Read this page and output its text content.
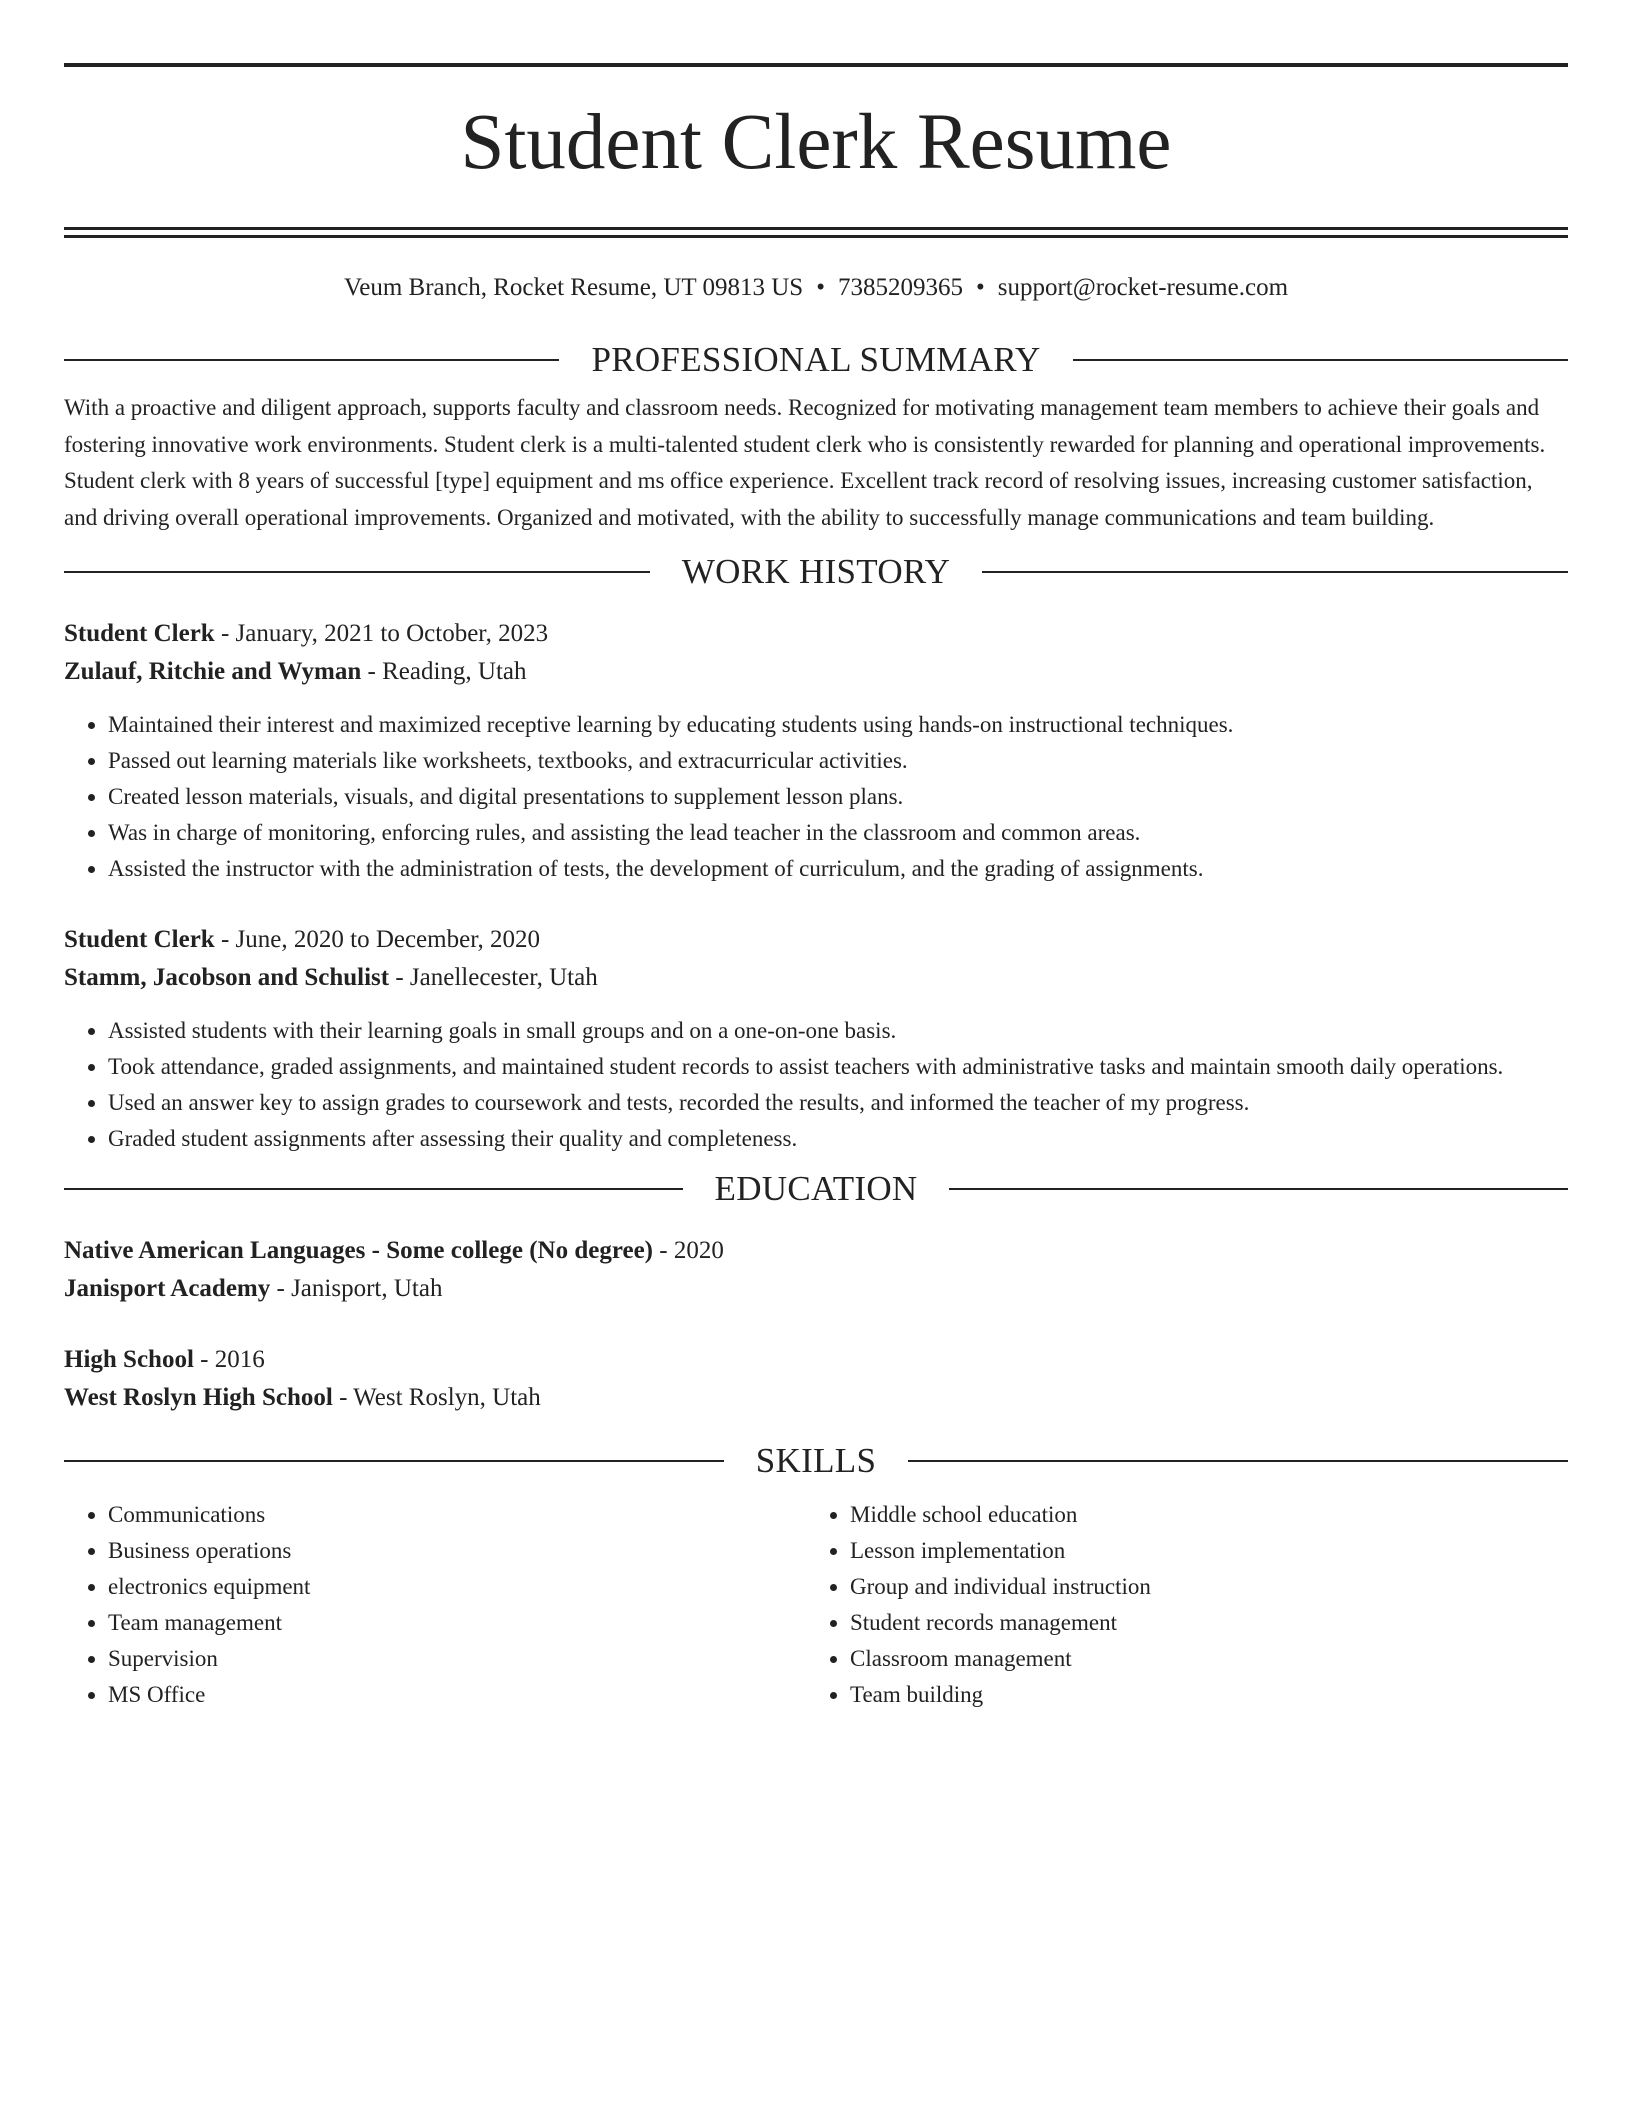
Student Clerk Resume
Veum Branch, Rocket Resume, UT 09813 US • 7385209365 • support@rocket-resume.com
PROFESSIONAL SUMMARY

With a proactive and diligent approach, supports faculty and classroom needs. Recognized for motivating management team members to achieve their goals and fostering innovative work environments. Student clerk is a multi-talented student clerk who is consistently rewarded for planning and operational improvements. Student clerk with 8 years of successful [type] equipment and ms office experience. Excellent track record of resolving issues, increasing customer satisfaction, and driving overall operational improvements. Organized and motivated, with the ability to successfully manage communications and team building.

WORK HISTORY
Student Clerk - January, 2021 to October, 2023
Zulauf, Ritchie and Wyman - Reading, Utah
• Maintained their interest and maximized receptive learning by educating students using hands-on instructional techniques.
• Passed out learning materials like worksheets, textbooks, and extracurricular activities.
• Created lesson materials, visuals, and digital presentations to supplement lesson plans.
• Was in charge of monitoring, enforcing rules, and assisting the lead teacher in the classroom and common areas.
• Assisted the instructor with the administration of tests, the development of curriculum, and the grading of assignments.
Student Clerk - June, 2020 to December, 2020
Stamm, Jacobson and Schulist - Janellecester, Utah
• Assisted students with their learning goals in small groups and on a one-on-one basis.
• Took attendance, graded assignments, and maintained student records to assist teachers with administrative tasks and maintain smooth daily operations.
• Used an answer key to assign grades to coursework and tests, recorded the results, and informed the teacher of my progress.
• Graded student assignments after assessing their quality and completeness.
EDUCATION
Native American Languages - Some college (No degree) - 2020
Janisport Academy - Janisport, Utah
High School - 2016
West Roslyn High School - West Roslyn, Utah
SKILLS
• Communications
• Business operations
• electronics equipment
• Team management
• Supervision
• MS Office
• Middle school education
• Lesson implementation
• Group and individual instruction
• Student records management
• Classroom management
• Team building
